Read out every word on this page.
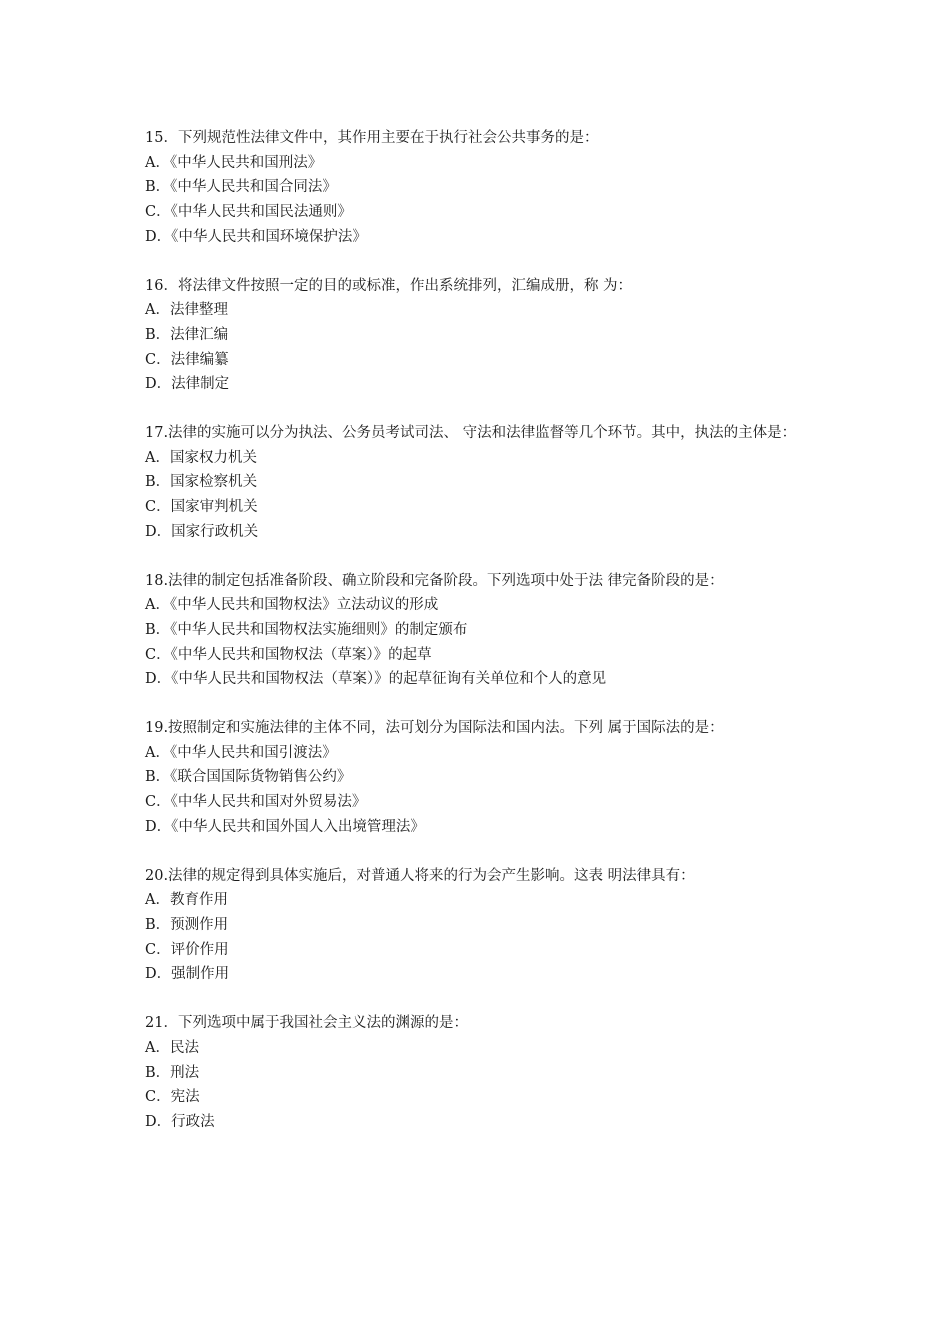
15．下列规范性法律文件中，其作用主要在于执行社会公共事务的是：

A．《中华人民共和国刑法》
B．《中华人民共和国合同法》
C．《中华人民共和国民法通则》
D．《中华人民共和国环境保护法》

16．将法律文件按照一定的目的或标准，作出系统排列，汇编成册，称 为：

A．法律整理
B．法律汇编
C．法律编纂
D．法律制定

17.法律的实施可以分为执法、公务员考试司法、 守法和法律监督等几个环节。其中，执法的主体是：

A．国家权力机关
B．国家检察机关
C．国家审判机关
D．国家行政机关

18.法律的制定包括准备阶段、确立阶段和完备阶段。下列选项中处于法 律完备阶段的是：

A．《中华人民共和国物权法》立法动议的形成
B．《中华人民共和国物权法实施细则》的制定颁布
C．《中华人民共和国物权法（草案）》的起草
D．《中华人民共和国物权法（草案）》的起草征询有关单位和个人的意见

19.按照制定和实施法律的主体不同，法可划分为国际法和国内法。下列 属于国际法的是：

A．《中华人民共和国引渡法》
B．《联合国国际货物销售公约》
C．《中华人民共和国对外贸易法》
D．《中华人民共和国外国人入出境管理法》

20.法律的规定得到具体实施后，对普通人将来的行为会产生影响。这表 明法律具有：

A．教育作用
B．预测作用
C．评价作用
D．强制作用

21．下列选项中属于我国社会主义法的渊源的是：

A．民法
B．刑法
C．宪法
D．行政法
